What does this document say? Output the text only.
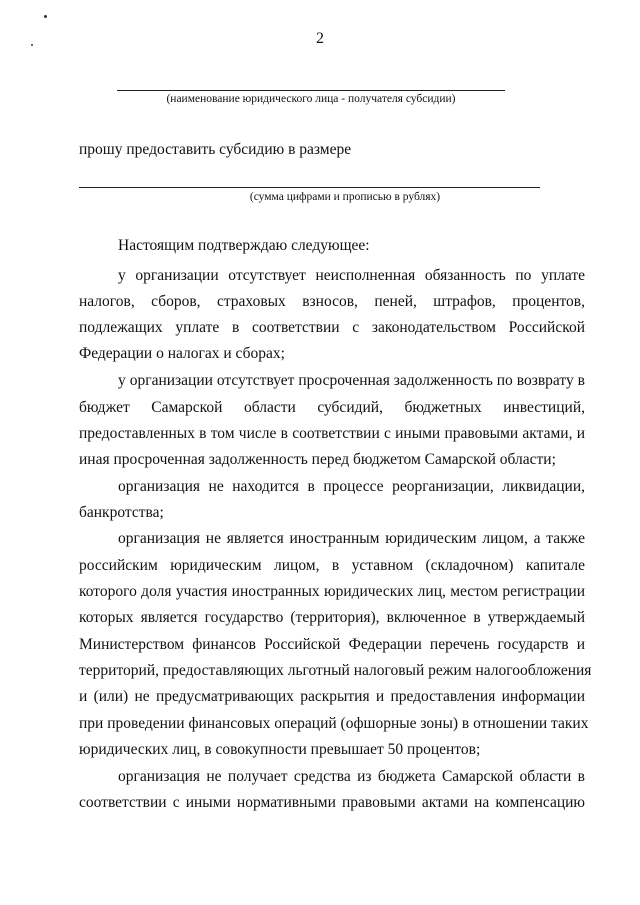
2
(наименование юридического лица - получателя субсидии)
прошу предоставить субсидию в размере
(сумма цифрами и прописью в рублях)
Настоящим подтверждаю следующее:
у организации отсутствует неисполненная обязанность по уплате
налогов, сборов, страховых взносов, пеней, штрафов, процентов,
подлежащих уплате в соответствии с законодательством Российской
Федерации о налогах и сборах;
у организации отсутствует просроченная задолженность по возврату в
бюджет Самарской области субсидий, бюджетных инвестиций,
предоставленных в том числе в соответствии с иными правовыми актами, и
иная просроченная задолженность перед бюджетом Самарской области;
организация не находится в процессе реорганизации, ликвидации,
банкротства;
организация не является иностранным юридическим лицом, а также
российским юридическим лицом, в уставном (складочном) капитале
которого доля участия иностранных юридических лиц, местом регистрации
которых является государство (территория), включенное в утверждаемый
Министерством финансов Российской Федерации перечень государств и
территорий, предоставляющих льготный налоговый режим налогообложения
и (или) не предусматривающих раскрытия и предоставления информации
при проведении финансовых операций (офшорные зоны) в отношении таких
юридических лиц, в совокупности превышает 50 процентов;
организация не получает средства из бюджета Самарской области в
соответствии с иными нормативными правовыми актами на компенсацию
